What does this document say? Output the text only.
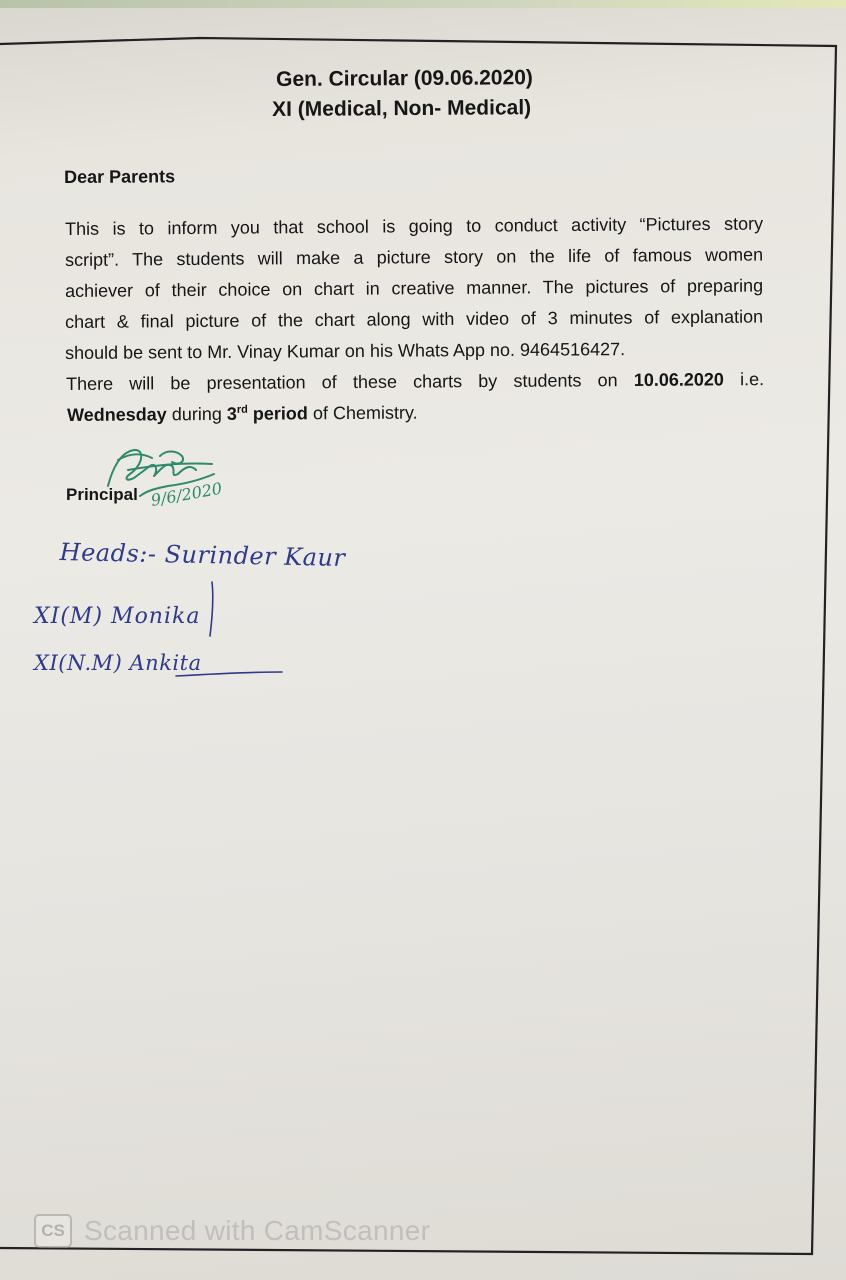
Gen. Circular (09.06.2020)
XI (Medical, Non- Medical)
Dear Parents
This is to inform you that school is going to conduct activity “Pictures story
script”. The students will make a picture story on the life of famous women
achiever of their choice on chart in creative manner. The pictures of preparing
chart & final picture of the chart along with video of 3 minutes of explanation
should be sent to Mr. Vinay Kumar on his Whats App no. 9464516427.
There will be presentation of these charts by students on 10.06.2020 i.e.
Wednesday during 3rd period of Chemistry.
Principal 9/6/2020
Heads:- Surinder Kaur
XI(M) Monika
XI(N.M) Ankita
CS Scanned with CamScanner
